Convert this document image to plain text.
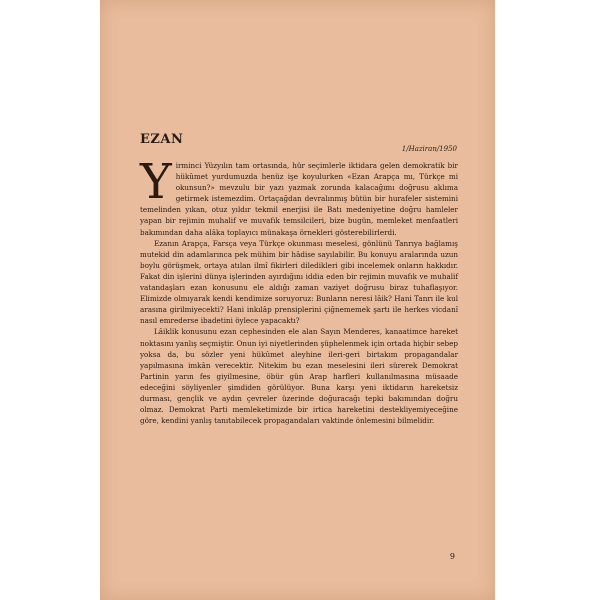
EZAN
1/Haziran/1950

Yirminci Yüzyılın tam ortasında, hür seçimlerle iktidara gelen demokratik bir hükûmet yurdumuzda henüz işe koyulurken «Ezan Arapça mı, Türkçe mi okunsun?» mevzulu bir yazı yazmak zorunda kalacağımı doğrusu aklıma getirmek istemezdim. Ortaçağdan devralınmış bütün bir hurafeler sistemini temelinden yıkan, otuz yıldır tekmil enerjisi ile Batı medeniyetine doğru hamleler yapan bir rejimin muhalif ve muvafık temsilcileri, bize bugün, memleket menfaatleri bakımından daha alâka toplayıcı münakaşa örnekleri gösterebilirlerdi.

Ezanın Arapça, Farsça veya Türkçe okunması meselesi, gönlünü Tanrıya bağlamış mutekid din adamlarınca pek mühim bir hâdise sayılabilir. Bu konuyu aralarında uzun boylu görüşmek, ortaya atılan ilmî fikirleri diledikleri gibi incelemek onların hakkıdır. Fakat din işlerini dünya işlerinden ayırdığını iddia eden bir rejimin muvafık ve muhalif vatandaşları ezan konusunu ele aldığı zaman vaziyet doğrusu biraz tuhaflaşıyor. Elimizde olmıyarak kendi kendimize soruyoruz: Bunların neresi lâik? Hani Tanrı ile kul arasına girilmiyecekti? Hani inkılâp prensiplerini çiğnememek şartı ile herkes vicdanî nasıl emrederse ibadetini öylece yapacaktı?

Lâiklik konusunu ezan cephesinden ele alan Sayın Menderes, kanaatimce hareket noktasını yanlış seçmiştir. Onun iyi niyetlerinden şüphelenmek için ortada hiçbir sebep yoksa da, bu sözler yeni hükûmet aleyhine ileri-geri birtakım propagandalar yapılmasına imkân verecektir. Nitekim bu ezan meselesini ileri sürerek Demokrat Partinin yarın fes giyilmesine, öbür gün Arap harfleri kullanılmasına müsaade edeceğini söyliyenler şimdiden görülüyor. Buna karşı yeni iktidarın hareketsiz durması, gençlik ve aydın çevreler üzerinde doğuracağı tepki bakımından doğru olmaz. Demokrat Parti memleketimizde bir irtica hareketini destekliyemiyeceğine göre, kendini yanlış tanıtabilecek propagandaları vaktinde önlemesini bilmelidir.

9
